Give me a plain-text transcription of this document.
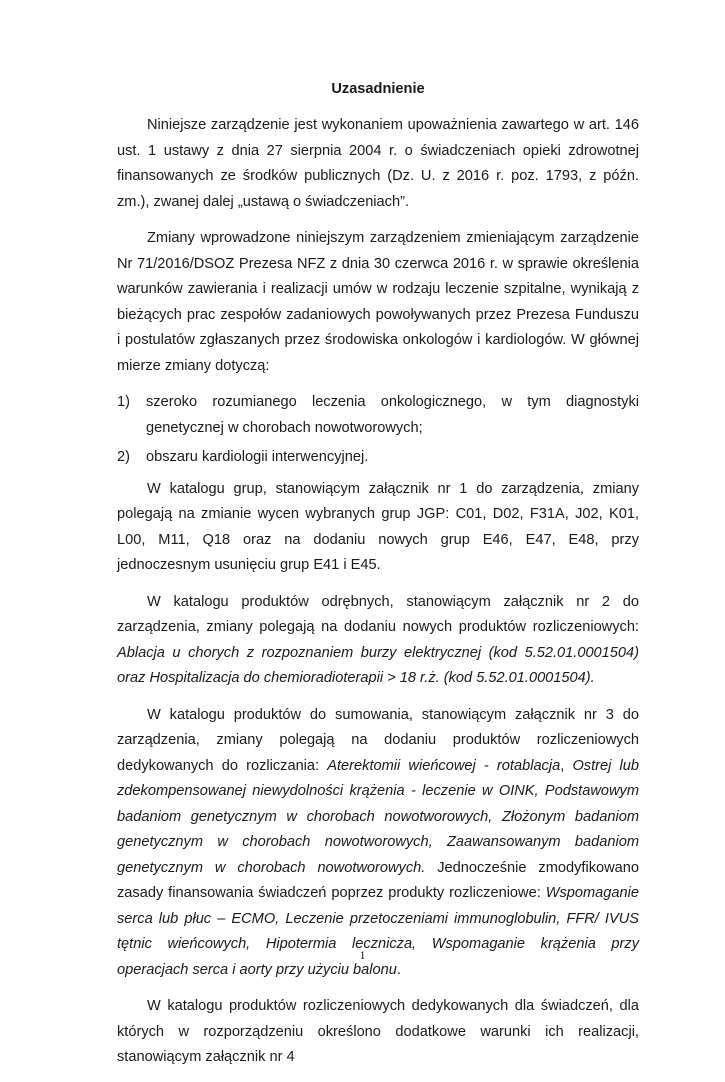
Uzasadnienie

Niniejsze zarządzenie jest wykonaniem upoważnienia zawartego w art. 146 ust. 1 ustawy z dnia 27 sierpnia 2004 r. o świadczeniach opieki zdrowotnej finansowanych ze środków publicznych (Dz. U. z 2016 r. poz. 1793, z późn. zm.), zwanej dalej „ustawą o świadczeniach”.

Zmiany wprowadzone niniejszym zarządzeniem zmieniającym zarządzenie Nr 71/2016/DSOZ Prezesa NFZ z dnia 30 czerwca 2016 r. w sprawie określenia warunków zawierania i realizacji umów w rodzaju leczenie szpitalne, wynikają z bieżących prac zespołów zadaniowych powoływanych przez Prezesa Funduszu i postulatów zgłaszanych przez środowiska onkologów i kardiologów. W głównej mierze zmiany dotyczą:

1) szeroko rozumianego leczenia onkologicznego, w tym diagnostyki genetycznej w chorobach nowotworowych;
2) obszaru kardiologii interwencyjnej.

W katalogu grup, stanowiącym załącznik nr 1 do zarządzenia, zmiany polegają na zmianie wycen wybranych grup JGP: C01, D02, F31A, J02, K01, L00, M11, Q18 oraz na dodaniu nowych grup E46, E47, E48, przy jednoczesnym usunięciu grup E41 i E45.

W katalogu produktów odrębnych, stanowiącym załącznik nr 2 do zarządzenia, zmiany polegają na dodaniu nowych produktów rozliczeniowych: Ablacja u chorych z rozpoznaniem burzy elektrycznej (kod 5.52.01.0001504) oraz Hospitalizacja do chemioradioterapii > 18 r.ż. (kod 5.52.01.0001504).

W katalogu produktów do sumowania, stanowiącym załącznik nr 3 do zarządzenia, zmiany polegają na dodaniu produktów rozliczeniowych dedykowanych do rozliczania: Aterektomii wieńcowej - rotablacja, Ostrej lub zdekompensowanej niewydolności krążenia - leczenie w OINK, Podstawowym badaniom genetycznym w chorobach nowotworowych, Złożonym badaniom genetycznym w chorobach nowotworowych, Zaawansowanym badaniom genetycznym w chorobach nowotworowych. Jednocześnie zmodyfikowano zasady finansowania świadczeń poprzez produkty rozliczeniowe: Wspomaganie serca lub płuc – ECMO, Leczenie przetoczeniami immunoglobulin, FFR/ IVUS tętnic wieńcowych, Hipotermia lecznicza, Wspomaganie krążenia przy operacjach serca i aorty przy użyciu balonu.

W katalogu produktów rozliczeniowych dedykowanych dla świadczeń, dla których w rozporządzeniu określono dodatkowe warunki ich realizacji, stanowiącym załącznik nr 4

1
